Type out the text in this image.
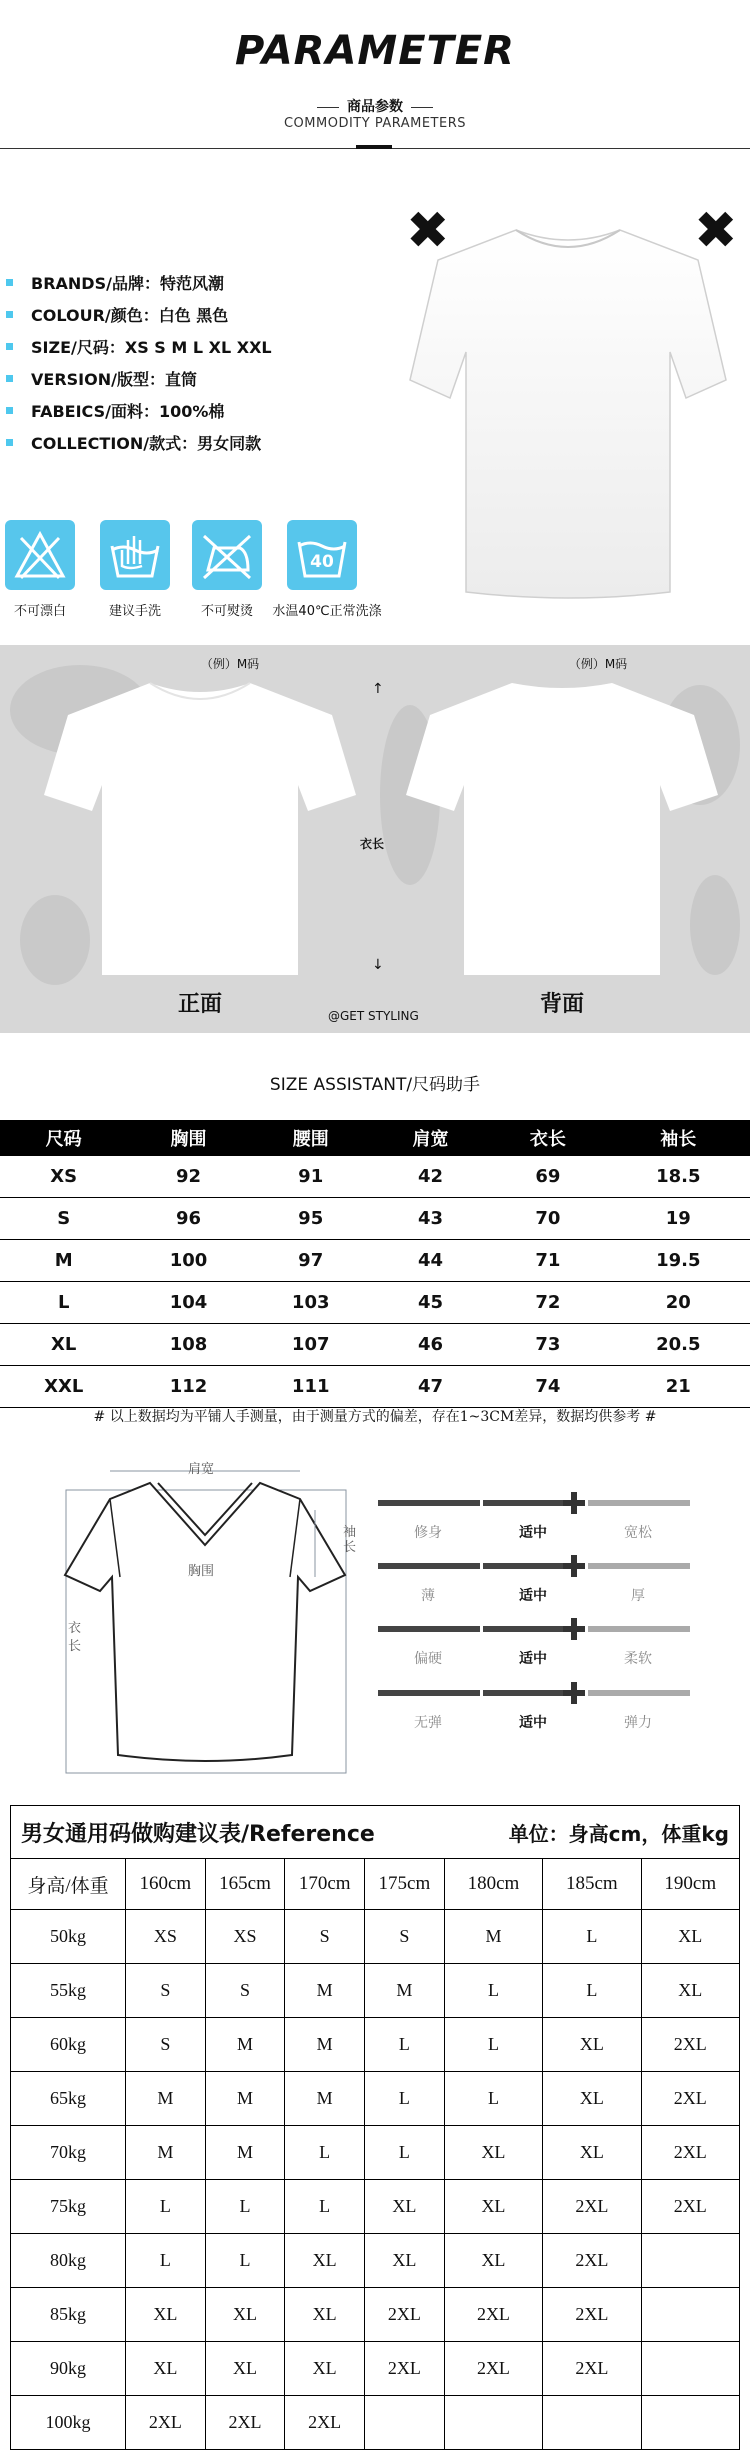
PARAMETER
商品参数
COMMODITY PARAMETERS
BRANDS/品牌：特范风潮
COLOUR/颜色：白色 黑色
SIZE/尺码：XS S M L XL XXL
VERSION/版型：直筒
FABEICS/面料：100%棉
COLLECTION/款式：男女同款
✖	✖
40
不可漂白	建议手洗	不可熨烫	水温40℃正常洗涤
（例）M码	（例）M码
↑
↓
衣长
正面	背面
@GET STYLING
SIZE ASSISTANT/尺码助手
尺码	胸围	腰围	肩宽	衣长	袖长
XS	92	91	42	69	18.5
S	96	95	43	70	19
M	100	97	44	71	19.5
L	104	103	45	72	20
XL	108	107	46	73	20.5
XXL	112	111	47	74	21
# 以上数据均为平铺人手测量，由于测量方式的偏差，存在1~3CM差异，数据均供参考 #
肩宽
袖长
胸围
衣长
修身	适中	宽松
薄	适中	厚
偏硬	适中	柔软
无弹	适中	弹力
男女通用码做购建议表/Reference					单位：身高cm，体重kg		
身高/体重	160cm	165cm	170cm	175cm	180cm	185cm	190cm
50kg	XS	XS	S	S	M	L	XL
55kg	S	S	M	M	L	L	XL
60kg	S	M	M	L	L	XL	2XL
65kg	M	M	M	L	L	XL	2XL
70kg	M	M	L	L	XL	XL	2XL
75kg	L	L	L	XL	XL	2XL	2XL
80kg	L	L	XL	XL	XL	2XL	
85kg	XL	XL	XL	2XL	2XL	2XL	
90kg	XL	XL	XL	2XL	2XL	2XL	
100kg	2XL	2XL	2XL				
